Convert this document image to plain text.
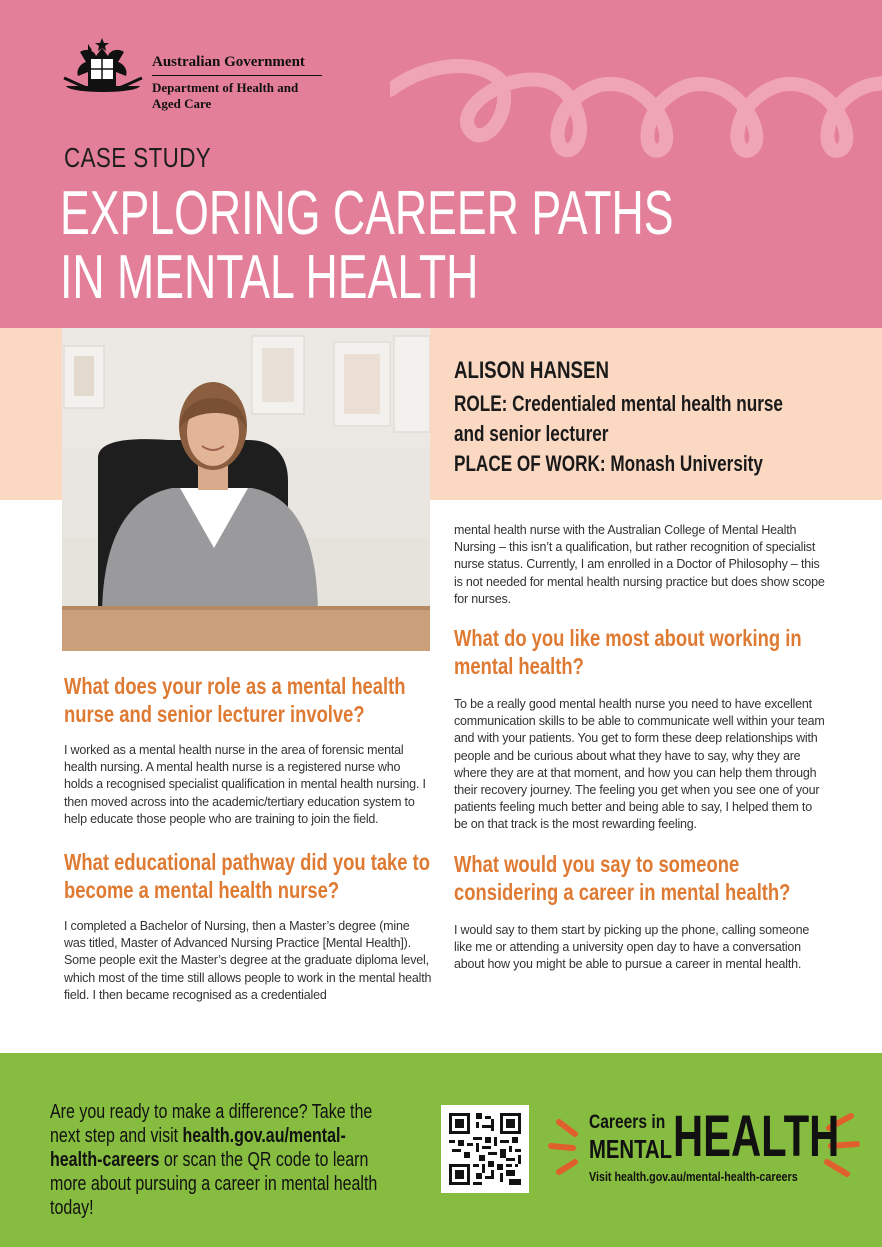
Australian Government
Department of Health and Aged Care
CASE STUDY
EXPLORING CAREER PATHS
IN MENTAL HEALTH
ALISON HANSEN
ROLE: Credentialed mental health nurse
and senior lecturer
PLACE OF WORK: Monash University
What does your role as a mental health nurse and senior lecturer involve?
I worked as a mental health nurse in the area of forensic mental health nursing. A mental health nurse is a registered nurse who holds a recognised specialist qualification in mental health nursing. I then moved across into the academic/tertiary education system to help educate those people who are training to join the field.
What educational pathway did you take to become a mental health nurse?
I completed a Bachelor of Nursing, then a Master’s degree (mine was titled, Master of Advanced Nursing Practice [Mental Health]). Some people exit the Master’s degree at the graduate diploma level, which most of the time still allows people to work in the mental health field. I then became recognised as a credentialed
mental health nurse with the Australian College of Mental Health Nursing – this isn’t a qualification, but rather recognition of specialist nurse status. Currently, I am enrolled in a Doctor of Philosophy – this is not needed for mental health nursing practice but does show scope for nurses.
What do you like most about working in mental health?
To be a really good mental health nurse you need to have excellent communication skills to be able to communicate well within your team and with your patients. You get to form these deep relationships with people and be curious about what they have to say, why they are where they are at that moment, and how you can help them through their recovery journey. The feeling you get when you see one of your patients feeling much better and being able to say, I helped them to be on that track is the most rewarding feeling.
What would you say to someone considering a career in mental health?
I would say to them start by picking up the phone, calling someone like me or attending a university open day to have a conversation about how you might be able to pursue a career in mental health.
Are you ready to make a difference? Take the next step and visit health.gov.au/mental-health-careers or scan the QR code to learn more about pursuing a career in mental health today!
Careers in
MENTAL HEALTH
Visit health.gov.au/mental-health-careers
